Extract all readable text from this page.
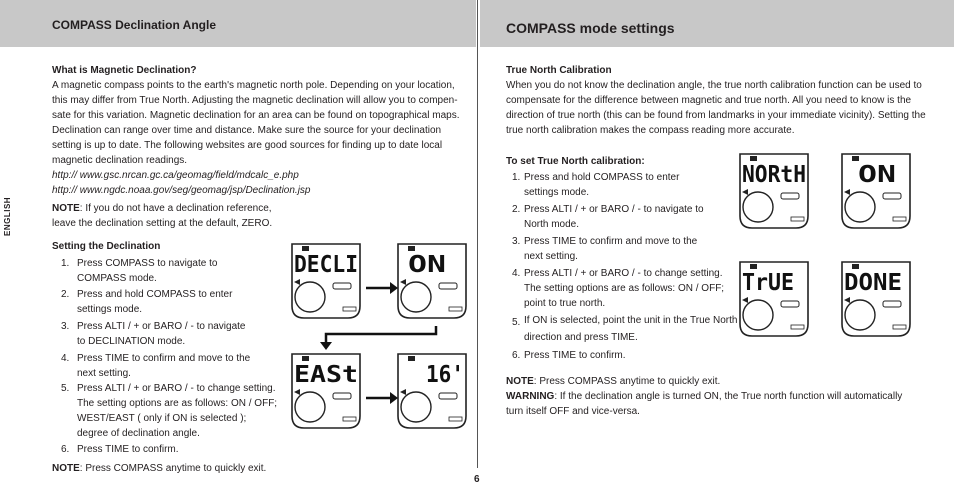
COMPASS Declination Angle	COMPASS mode settings
ENGLISH
What is Magnetic Declination?
A magnetic compass points to the earth's magnetic north pole. Depending on your location,
this may differ from True North. Adjusting the magnetic declination will allow you to compen-
sate for this variation. Magnetic declination for an area can be found on topographical maps.
Declination can range over time and distance. Make sure the source for your declination
setting is up to date. The following websites are good sources for finding up to date local
magnetic declination readings.
http:// www.gsc.nrcan.gc.ca/geomag/field/mdcalc_e.php
http:// www.ngdc.noaa.gov/seg/geomag/jsp/Declination.jsp
NOTE: If you do not have a declination reference,
leave the declination setting at the default, ZERO.
Setting the Declination
1. Press COMPASS to navigate to
COMPASS mode.
2. Press and hold COMPASS to enter
settings mode.
3. Press ALTI / + or BARO / - to navigate
to DECLINATION mode.
4. Press TIME to confirm and move to the
next setting.
5. Press ALTI / + or BARO / - to change setting.
The setting options are as follows: ON / OFF;
WEST/EAST ( only if ON is selected );
degree of declination angle.
6. Press TIME to confirm.
NOTE: Press COMPASS anytime to quickly exit.
DECLI ON
EASt	16'
True North Calibration
When you do not know the declination angle, the true north calibration function can be used to
compensate for the difference between magnetic and true north. All you need to know is the
direction of true north (this can be found from landmarks in your immediate vicinity). Setting the
true north calibration makes the compass reading more accurate.
To set True North calibration:
1. Press and hold COMPASS to enter
settings mode.
2. Press ALTI / + or BARO / - to navigate to
North mode.
3. Press TIME to confirm and move to the
next setting.
4. Press ALTI / + or BARO / - to change setting.
The setting options are as follows: ON / OFF;
point to true north.
5. If ON is selected, point the unit in the True North
direction and press TIME.
6. Press TIME to confirm.
NOTE: Press COMPASS anytime to quickly exit.
WARNING: If the declination angle is turned ON, the True north function will automatically
turn itself OFF and vice-versa.
NORtH ON
TrUE DONE
6
